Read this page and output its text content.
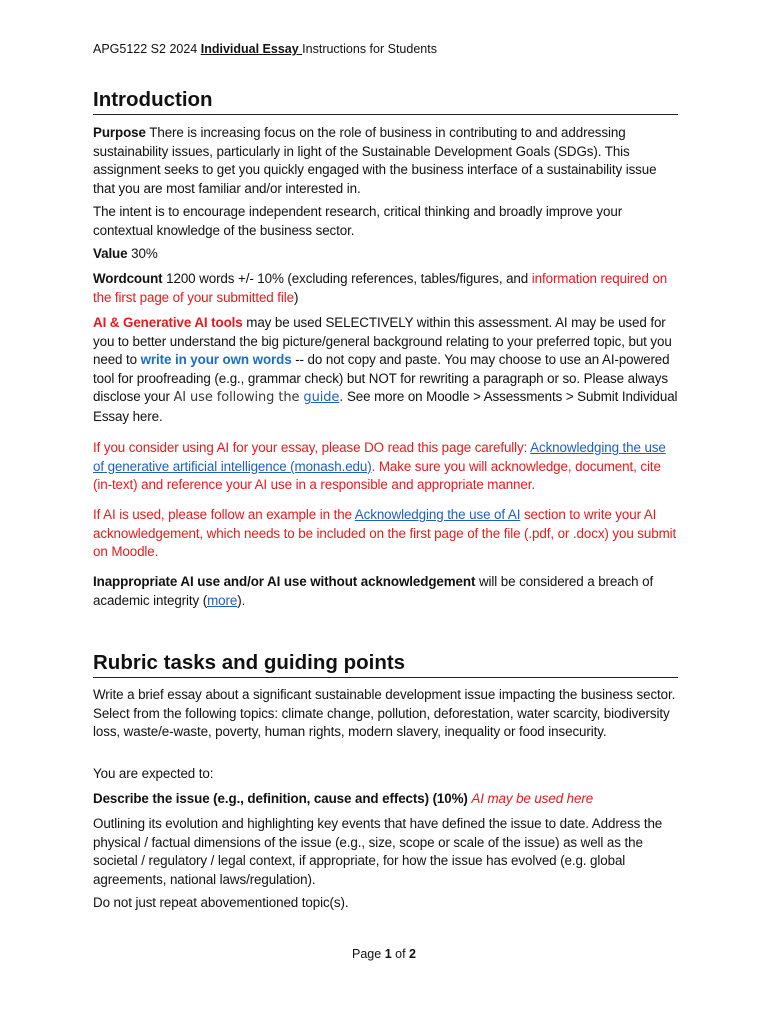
APG5122 S2 2024 Individual Essay Instructions for Students
Introduction
Purpose There is increasing focus on the role of business in contributing to and addressing sustainability issues, particularly in light of the Sustainable Development Goals (SDGs). This assignment seeks to get you quickly engaged with the business interface of a sustainability issue that you are most familiar and/or interested in.
The intent is to encourage independent research, critical thinking and broadly improve your contextual knowledge of the business sector.
Value 30%
Wordcount 1200 words +/- 10% (excluding references, tables/figures, and information required on the first page of your submitted file)
AI & Generative AI tools may be used SELECTIVELY within this assessment. AI may be used for you to better understand the big picture/general background relating to your preferred topic, but you need to write in your own words -- do not copy and paste. You may choose to use an AI-powered tool for proofreading (e.g., grammar check) but NOT for rewriting a paragraph or so. Please always disclose your AI use following the guide. See more on Moodle > Assessments > Submit Individual Essay here.
If you consider using AI for your essay, please DO read this page carefully: Acknowledging the use of generative artificial intelligence (monash.edu). Make sure you will acknowledge, document, cite (in-text) and reference your AI use in a responsible and appropriate manner.
If AI is used, please follow an example in the Acknowledging the use of AI section to write your AI acknowledgement, which needs to be included on the first page of the file (.pdf, or .docx) you submit on Moodle.
Inappropriate AI use and/or AI use without acknowledgement will be considered a breach of academic integrity (more).
Rubric tasks and guiding points
Write a brief essay about a significant sustainable development issue impacting the business sector. Select from the following topics: climate change, pollution, deforestation, water scarcity, biodiversity loss, waste/e-waste, poverty, human rights, modern slavery, inequality or food insecurity.
You are expected to:
Describe the issue (e.g., definition, cause and effects) (10%) AI may be used here
Outlining its evolution and highlighting key events that have defined the issue to date. Address the physical / factual dimensions of the issue (e.g., size, scope or scale of the issue) as well as the societal / regulatory / legal context, if appropriate, for how the issue has evolved (e.g. global agreements, national laws/regulation).
Do not just repeat abovementioned topic(s).
Page 1 of 2
